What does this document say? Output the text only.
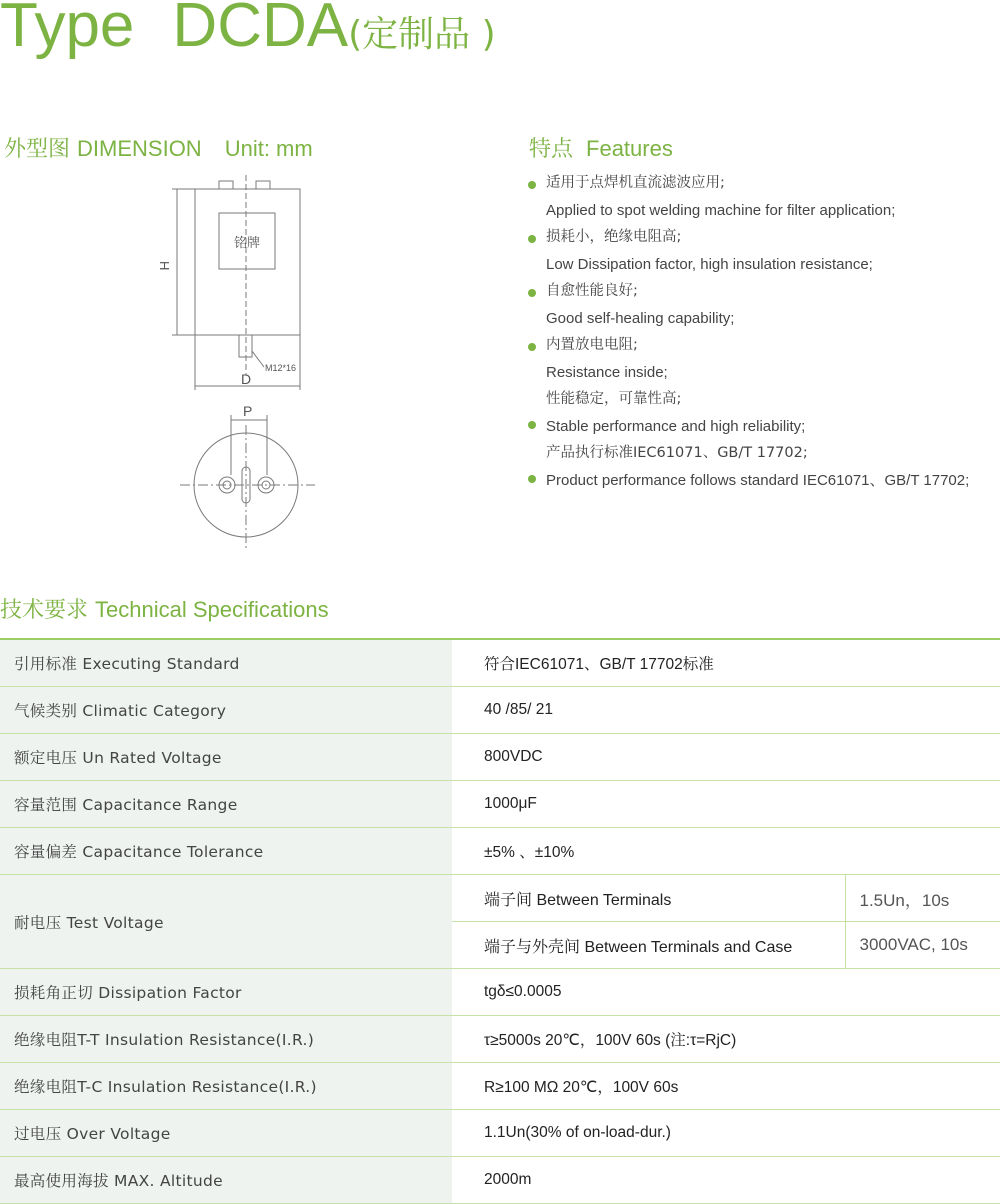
Type DCDA(定制品 )
外型图 DIMENSION Unit: mm	特点 Features
H
D
P
铭牌
M12*16
适用于点焊机直流滤波应用;
Applied to spot welding machine for filter application;
损耗小，绝缘电阻高;
Low Dissipation factor, high insulation resistance;
自愈性能良好;
Good self-healing capability;
内置放电电阻;
Resistance inside;
性能稳定，可靠性高;
Stable performance and high reliability;
产品执行标准IEC61071、GB/T 17702;
Product performance follows standard IEC61071、GB/T 17702;
技术要求 Technical Specifications
引用标准 Executing Standard	符合IEC61071、GB/T 17702标准	
气候类别 Climatic Category	40 /85/ 21	
额定电压 Un Rated Voltage	800VDC	
容量范围 Capacitance Range	1000μF	
容量偏差 Capacitance Tolerance	±5% 、±10%	
耐电压 Test Voltage	端子间 Between Terminals	1.5Un，10s
	端子与外壳间 Between Terminals and Case	3000VAC, 10s
损耗角正切 Dissipation Factor	tgδ≤0.0005	
绝缘电阻T-T Insulation Resistance(I.R.)	τ≥5000s 20℃，100V 60s (注:τ=RjC)	
绝缘电阻T-C Insulation Resistance(I.R.)	R≥100 MΩ 20℃，100V 60s	
过电压 Over Voltage	1.1Un(30% of on-load-dur.)	
最高使用海拔 MAX. Altitude	2000m	
